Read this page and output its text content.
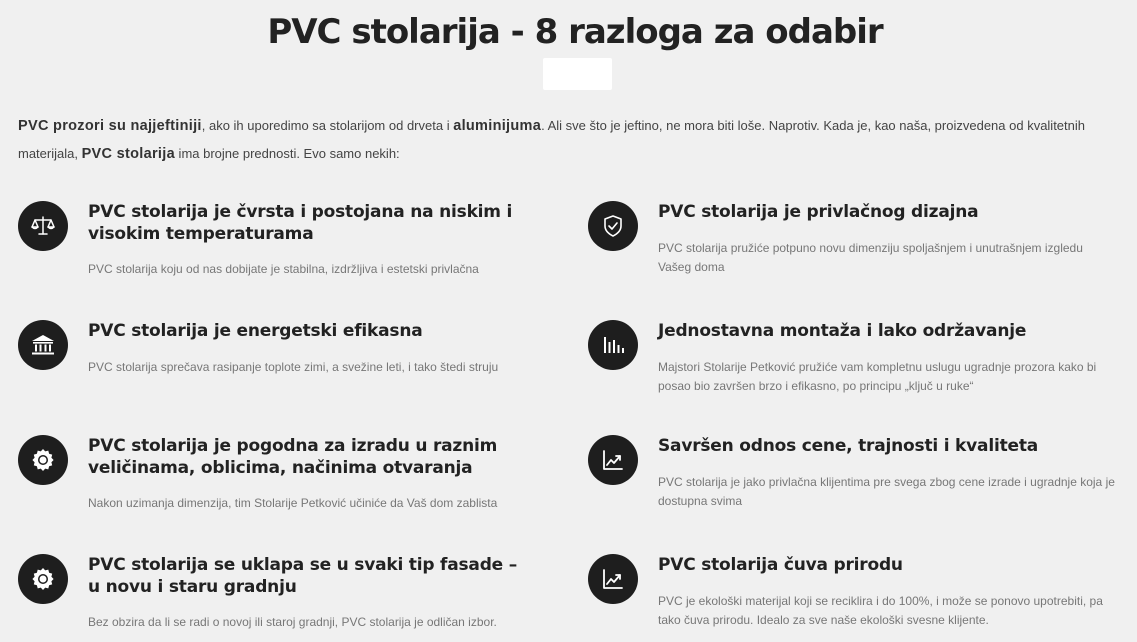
PVC stolarija - 8 razloga za odabir

PVC prozori su najjeftiniji, ako ih uporedimo sa stolarijom od drveta i aluminijuma. Ali sve što je jeftino, ne mora biti loše. Naprotiv. Kada je, kao naša, proizvedena od kvalitetnih materijala, PVC stolarija ima brojne prednosti. Evo samo nekih:

PVC stolarija je čvrsta i postojana na niskim i visokim temperaturama

PVC stolarija koju od nas dobijate je stabilna, izdržljiva i estetski privlačna

PVC stolarija je privlačnog dizajna

PVC stolarija pružiće potpuno novu dimenziju spoljašnjem i unutrašnjem izgledu Vašeg doma

PVC stolarija je energetski efikasna

PVC stolarija sprečava rasipanje toplote zimi, a svežine leti, i tako štedi struju

Jednostavna montaža i lako održavanje

Majstori Stolarije Petković pružiće vam kompletnu uslugu ugradnje prozora kako bi posao bio završen brzo i efikasno, po principu „ključ u ruke“

PVC stolarija je pogodna za izradu u raznim veličinama, oblicima, načinima otvaranja

Nakon uzimanja dimenzija, tim Stolarije Petković učiniće da Vaš dom zablista

Savršen odnos cene, trajnosti i kvaliteta

PVC stolarija je jako privlačna klijentima pre svega zbog cene izrade i ugradnje koja je dostupna svima

PVC stolarija se uklapa se u svaki tip fasade – u novu i staru gradnju

Bez obzira da li se radi o novoj ili staroj gradnji, PVC stolarija je odličan izbor.

PVC stolarija čuva prirodu

PVC je ekološki materijal koji se reciklira i do 100%, i može se ponovo upotrebiti, pa tako čuva prirodu. Idealo za sve naše ekološki svesne klijente.
